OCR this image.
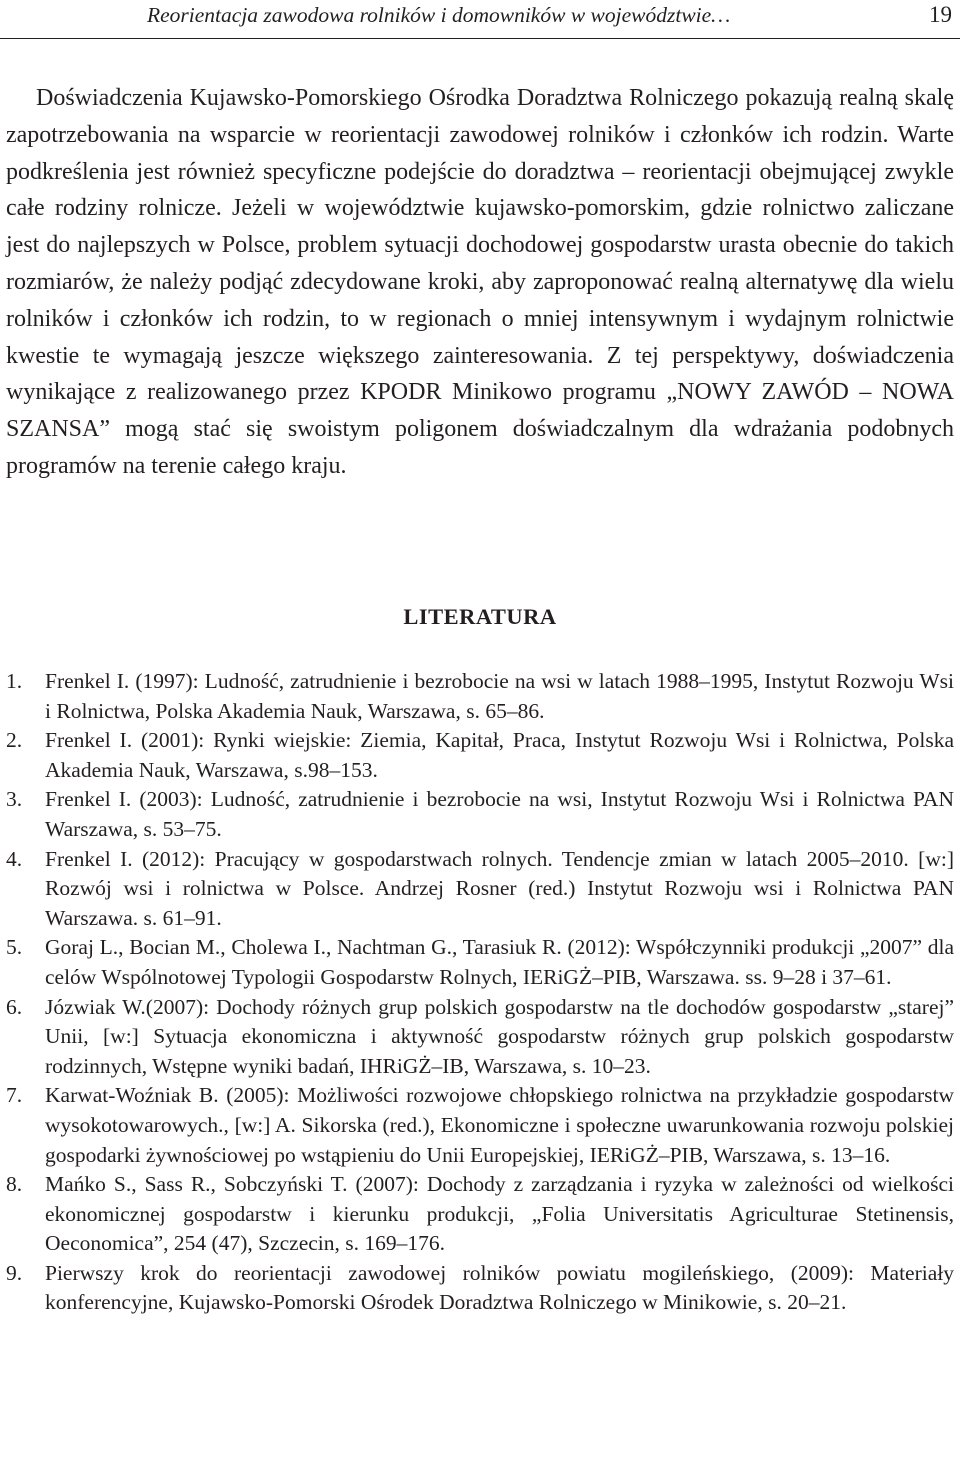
Reorientacja zawodowa rolników i domowników w województwie…	19

Doświadczenia Kujawsko-Pomorskiego Ośrodka Doradztwa Rolniczego pokazują realną skalę zapotrzebowania na wsparcie w reorientacji zawodowej rolników i członków ich rodzin. Warte podkreślenia jest również specyficzne podejście do doradztwa – reorientacji obejmującej zwykle całe rodziny rolnicze. Jeżeli w województwie kujawsko-pomorskim, gdzie rolnictwo zaliczane jest do najlepszych w Polsce, problem sytuacji dochodowej gospodarstw urasta obecnie do takich rozmiarów, że należy podjąć zdecydowane kroki, aby zaproponować realną alternatywę dla wielu rolników i członków ich rodzin, to w regionach o mniej intensywnym i wydajnym rolnictwie kwestie te wymagają jeszcze większego zainteresowania. Z tej perspektywy, doświadczenia wynikające z realizowanego przez KPODR Minikowo programu „NOWY ZAWÓD – NOWA SZANSA” mogą stać się swoistym poligonem doświadczalnym dla wdrażania podobnych programów na terenie całego kraju.

LITERATURA
1. Frenkel I. (1997): Ludność, zatrudnienie i bezrobocie na wsi w latach 1988–1995, Instytut Rozwoju Wsi i Rolnictwa, Polska Akademia Nauk, Warszawa, s. 65–86.
2. Frenkel I. (2001): Rynki wiejskie: Ziemia, Kapitał, Praca, Instytut Rozwoju Wsi i Rolnictwa, Polska Akademia Nauk, Warszawa, s.98–153.
3. Frenkel I. (2003): Ludność, zatrudnienie i bezrobocie na wsi, Instytut Rozwoju Wsi i Rolnictwa PAN Warszawa, s. 53–75.
4. Frenkel I. (2012): Pracujący w gospodarstwach rolnych. Tendencje zmian w latach 2005–2010. [w:] Rozwój wsi i rolnictwa w Polsce. Andrzej Rosner (red.) Instytut Rozwoju wsi i Rolnictwa PAN Warszawa. s. 61–91.
5. Goraj L., Bocian M., Cholewa I., Nachtman G., Tarasiuk R. (2012): Współczynniki produkcji „2007” dla celów Wspólnotowej Typologii Gospodarstw Rolnych, IERiGŻ–PIB, Warszawa. ss. 9–28 i 37–61.
6. Józwiak W.(2007): Dochody różnych grup polskich gospodarstw na tle dochodów gospodarstw „starej” Unii, [w:] Sytuacja ekonomiczna i aktywność gospodarstw różnych grup polskich gospodarstw rodzinnych, Wstępne wyniki badań, IHRiGŻ–IB, Warszawa, s. 10–23.
7. Karwat-Woźniak B. (2005): Możliwości rozwojowe chłopskiego rolnictwa na przykładzie gospodarstw wysokotowarowych., [w:] A. Sikorska (red.), Ekonomiczne i społeczne uwarunkowania rozwoju polskiej gospodarki żywnościowej po wstąpieniu do Unii Europejskiej, IERiGŻ–PIB, Warszawa, s. 13–16.
8. Mańko S., Sass R., Sobczyński T. (2007): Dochody z zarządzania i ryzyka w zależności od wielkości ekonomicznej gospodarstw i kierunku produkcji, „Folia Universitatis Agriculturae Stetinensis, Oeconomica”, 254 (47), Szczecin, s. 169–176.
9. Pierwszy krok do reorientacji zawodowej rolników powiatu mogileńskiego, (2009): Materiały konferencyjne, Kujawsko-Pomorski Ośrodek Doradztwa Rolniczego w Minikowie, s. 20–21.
